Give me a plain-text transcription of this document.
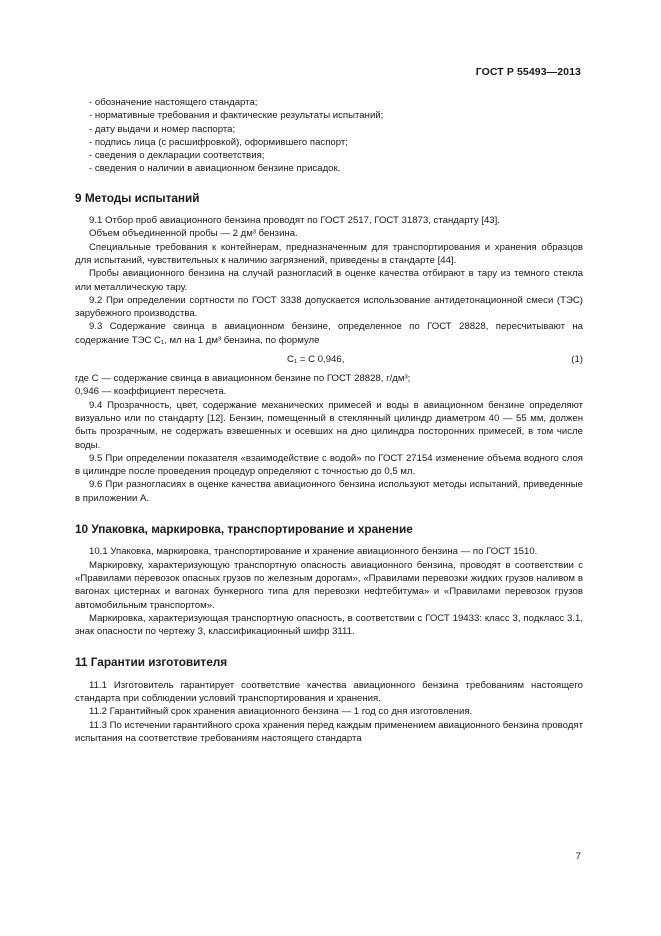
ГОСТ Р 55493—2013

- обозначение настоящего стандарта;

- нормативные требования и фактические результаты испытаний;

- дату выдачи и номер паспорта;

- подпись лица (с расшифровкой), оформившего паспорт;

- сведения о декларации соответствия;

- сведения о наличии в авиационном бензине присадок.

9 Методы испытаний

9.1 Отбор проб авиационного бензина проводят по ГОСТ 2517, ГОСТ 31873, стандарту [43].

Объем объединенной пробы — 2 дм³ бензина.

Специальные требования к контейнерам, предназначенным для транспортирования и хранения образцов для испытаний, чувствительных к наличию загрязнений, приведены в стандарте [44].

Пробы авиационного бензина на случай разногласий в оценке качества отбирают в тару из темного стекла или металлическую тару.

9.2 При определении сортности по ГОСТ 3338 допускается использование антидетонационной смеси (ТЭС) зарубежного производства.

9.3 Содержание свинца в авиационном бензине, определенное по ГОСТ 28828, пересчитывают на содержание ТЭС С₁, мл на 1 дм³ бензина, по формуле

С₁ = С 0,946,	(1)

где С — содержание свинца в авиационном бензине по ГОСТ 28828, г/дм³;

0,946 — коэффициент пересчета.

9.4 Прозрачность, цвет, содержание механических примесей и воды в авиационном бензине определяют визуально или по стандарту [12]. Бензин, помещенный в стеклянный цилиндр диаметром 40 — 55 мм, должен быть прозрачным, не содержать взвешенных и осевших на дно цилиндра посторонних примесей, в том числе воды.

9.5 При определении показателя «взаимодействие с водой» по ГОСТ 27154 изменение объема водного слоя в цилиндре после проведения процедур определяют с точностью до 0,5 мл.

9.6 При разногласиях в оценке качества авиационного бензина используют методы испытаний, приведенные в приложении А.

10 Упаковка, маркировка, транспортирование и хранение

10.1 Упаковка, маркировка, транспортирование и хранение авиационного бензина — по ГОСТ 1510.

Маркировку, характеризующую транспортную опасность авиационного бензина, проводят в соответствии с «Правилами перевозок опасных грузов по железным дорогам», «Правилами перевозки жидких грузов наливом в вагонах цистернах и вагонах бункерного типа для перевозки нефтебитума» и «Правилами перевозок грузов автомобильным транспортом».

Маркировка, характеризующая транспортную опасность, в соответствии с ГОСТ 19433: класс 3, подкласс 3.1, знак опасности по чертежу 3, классификационный шифр 3111.

11 Гарантии изготовителя

11.1 Изготовитель гарантирует соответствие качества авиационного бензина требованиям настоящего стандарта при соблюдении условий транспортирования и хранения.

11.2 Гарантийный срок хранения авиационного бензина — 1 год со дня изготовления.

11.3 По истечении гарантийного срока хранения перед каждым применением авиационного бензина проводят испытания на соответствие требованиям настоящего стандарта

7
